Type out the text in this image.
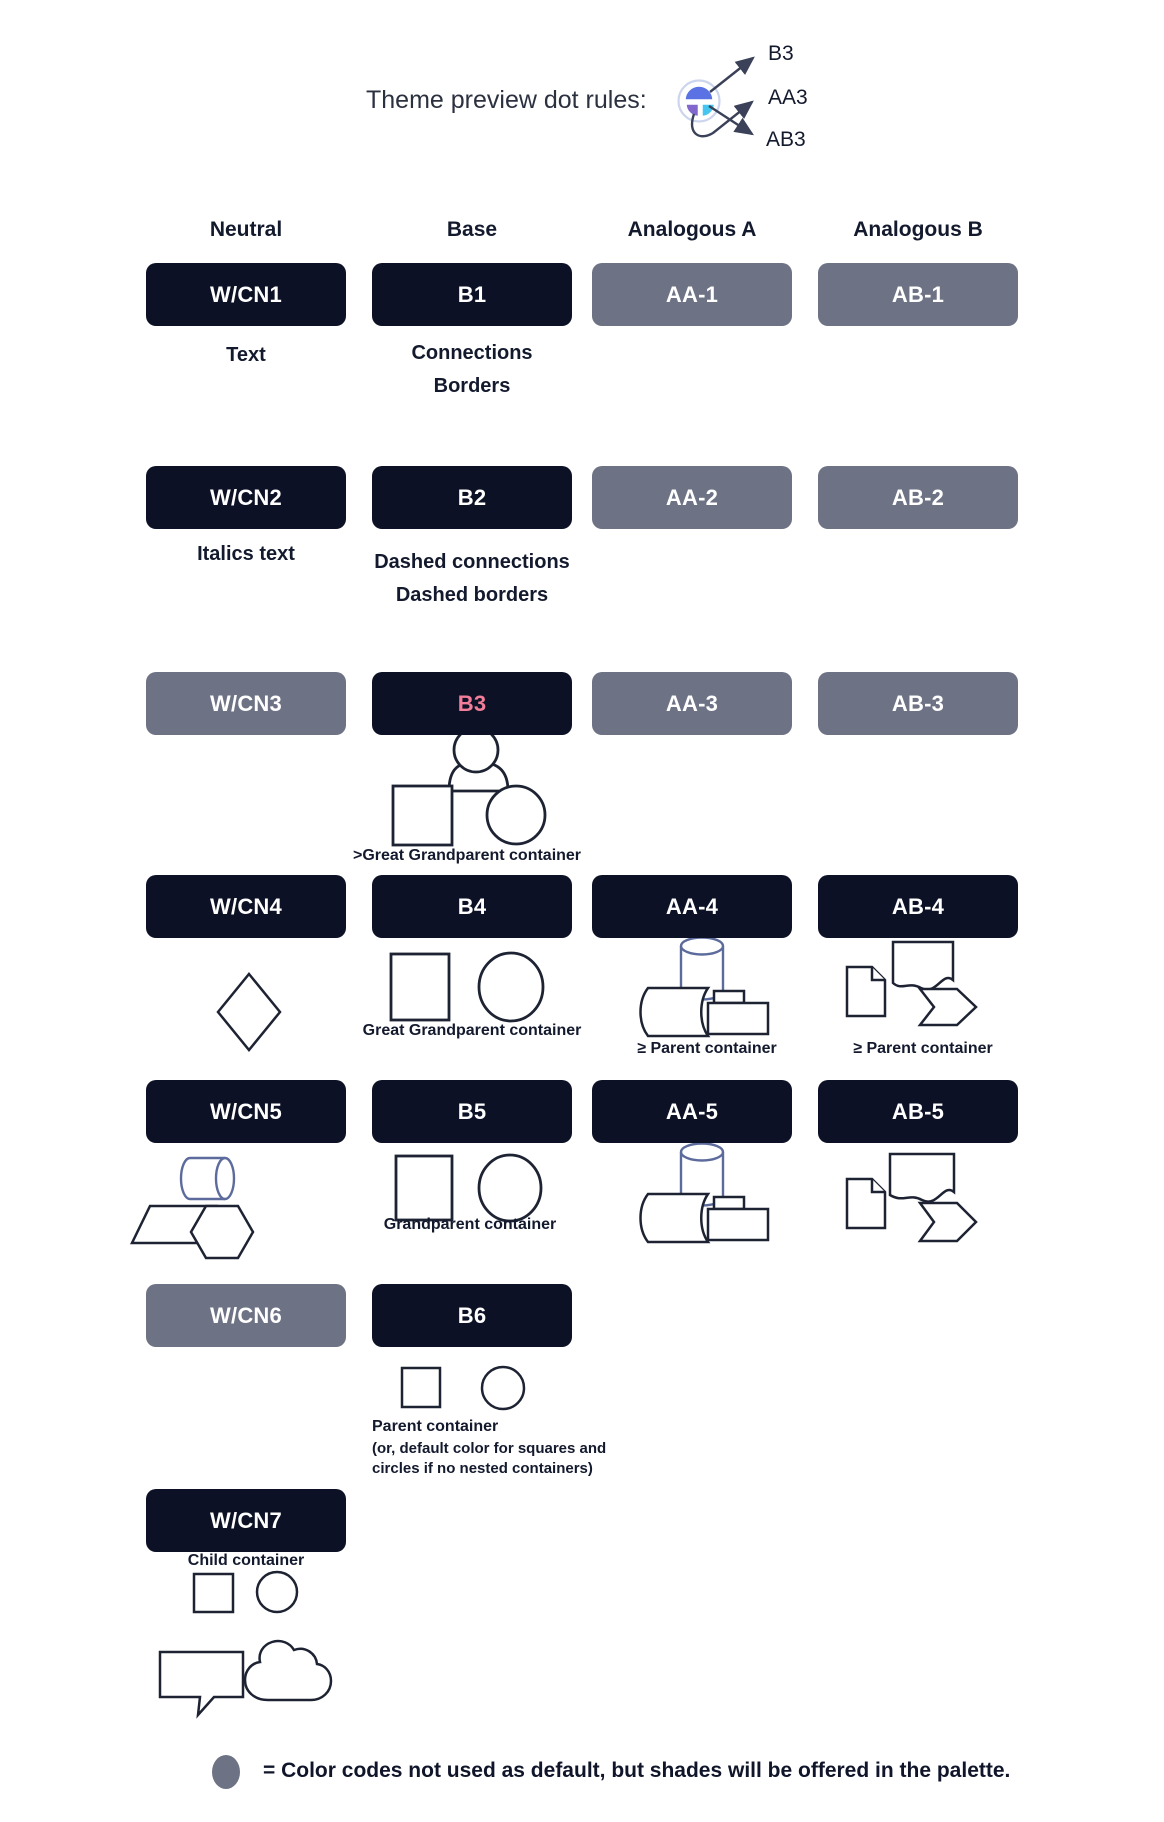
Theme preview dot rules:
B3
AA3
AB3
Neutral	Base	Analogous A	Analogous B
W/CN1	B1	AA-1	AB-1
W/CN2	B2	AA-2	AB-2
W/CN3	B3	AA-3	AB-3
W/CN4	B4	AA-4	AB-4
W/CN5	B5	AA-5	AB-5
W/CN6	B6
W/CN7
Text	Connections
Borders
Italics text	Dashed connections
Dashed borders
>Great Grandparent container
Great Grandparent container
≥ Parent container	≥ Parent container
Grandparent container
Parent container
(or, default color for squares and
circles if no nested containers)
Child container
= Color codes not used as default, but shades will be offered in the palette.
